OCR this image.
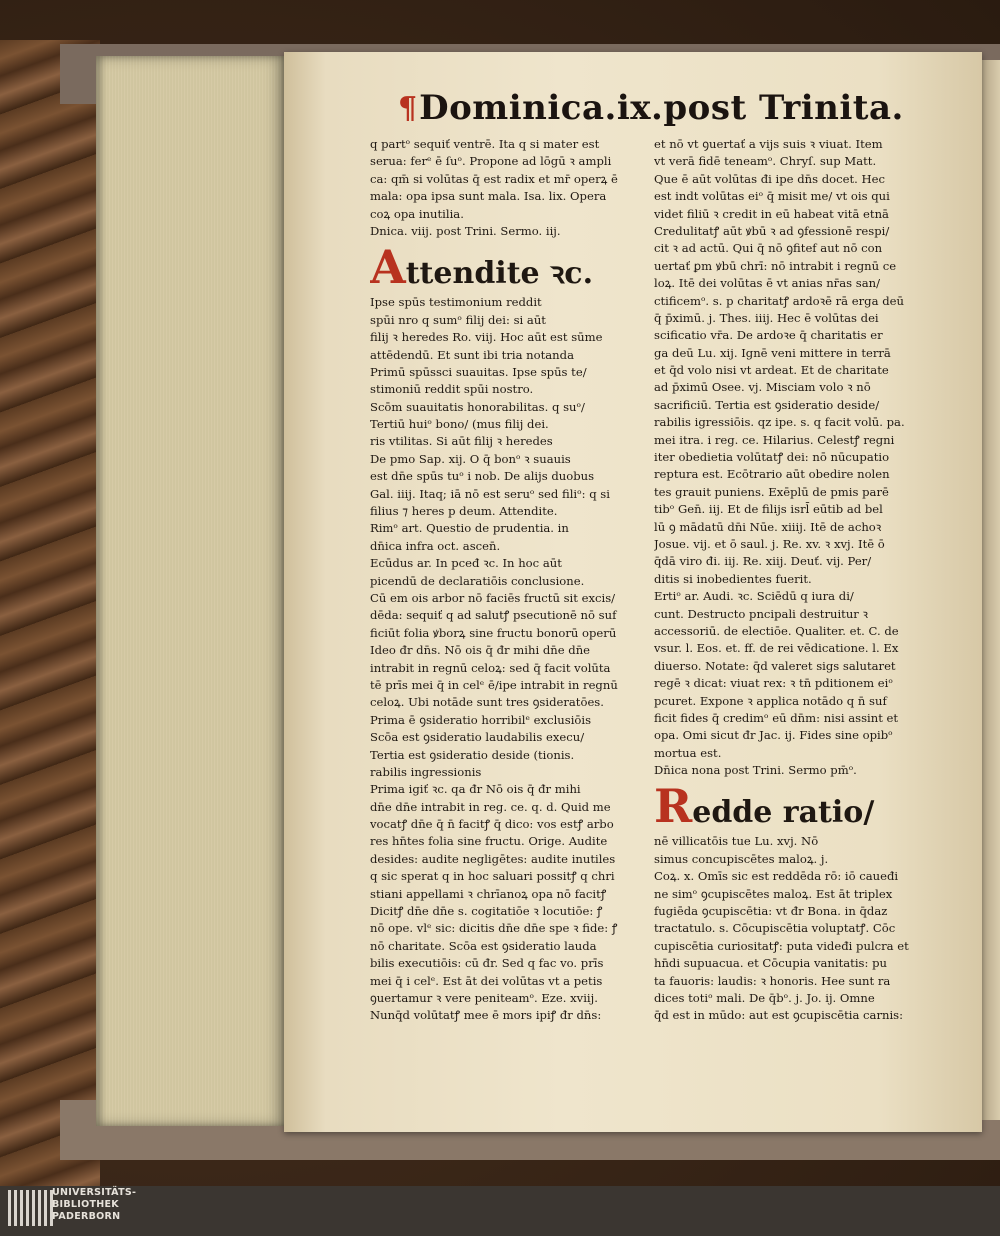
¶ Dominica.ix.post Trinita.
q partᵒ sequiť ventrē. Ita q si mater est
serua: ferᵉ ē ſuᵒ. Propone ad lōgū ꝛ ampli
ca: qm̄ si volūtas q̄ est radix et mr̄ operꝝ ē
mala: opa ipsa sunt mala. Isa. lix. Opera
coꝝ opa inutilia.
Dnica. viij. post Trini. Sermo. iij.
Attendite ꝛc.
Ipse spūs testimonium reddit
spūi nro q sumᵒ filij dei: si aūt
filij ꝛ heredes Ro. viij. Hoc aūt est sūme
attēdendū. Et sunt ibi tria notanda
Primū spūssci suauitas. Ipse spūs te/
stimoniū reddit spūi nostro.
Scōm suauitatis honorabilitas. q suᵒ/
Tertiū huiᵒ bono/ (mus filij dei.
ris vtilitas. Si aūt filij ꝛ heredes
De pmo Sap. xij. O q̄ bonᵒ ꝛ suauis
est dn̄e spūs tuᵒ i nob. De alijs duobus
Gal. iiij. Itaq; iā nō est seruᵒ sed filiᵒ: q si
filius ⁊ heres p deum. Attendite.
Rimᵒ art. Questio de prudentia. in
dn̄ica infra oct. ascen̄.
Ecūdus ar. In pceđ ꝛc. In hoc aūt
picendū de declaratiōis conclusione.
Cū em ois arbor nō faciēs fructū sit excis/
dēda: sequiť q ad salutꝭ psecutionē nō suf
ficiūt folia ꝟborꝝ sine fructu bonorū operū
Ideo đr dn̄s. Nō ois q̄ đr mihi dn̄e dn̄e
intrabit in regnū celoꝝ: sed q̄ facit volūta
tē prīs mei q̄ in celᵉ ē/ipe intrabit in regnū
celoꝝ. Ubi notāde sunt tres ꝯsideratōes.
Prima ē ꝯsideratio horribilᵉ exclusiōis
Scōa est ꝯsideratio laudabilis execu/
Tertia est ꝯsideratio deside (tionis.
rabilis ingressionis
Prima igiť ꝛc. qa đr Nō ois q̄ đr mihi
dn̄e dn̄e intrabit in reg. ce. q. d. Quid me
vocatꝭ dn̄e q̄ n̄ facitꝭ q̄ dico: vos estꝭ arbo
res hn̄tes folia sine fructu. Orige. Audite
desides: audite negligētes: audite inutiles
q sic sperat q in hoc saluari possitꝭ q chri
stiani appellami ꝛ chrīanoꝝ opa nō facitꝭ
Dicitꝭ dn̄e dn̄e s. cogitatiōe ꝛ locutiōe: ꝭ
nō ope. vlᵉ sic: dicitis dn̄e dn̄e spe ꝛ fide: ꝭ
nō charitate. Scōa est ꝯsideratio lauda
bilis executiōis: cū đr. Sed q fac vo. prīs
mei q̄ i celᵉ. Est āt dei volūtas vt a petis
ꝯuertamur ꝛ vere peniteamᵒ. Eze. xviij.
Nunq̄d volūtatꝭ mee ē mors ipiꝭ đr dn̄s:
et nō vt ꝯuertať a vijs suis ꝛ viuat. Item
vt verā fidē teneamᵒ. Chryſ. sup Matt.
Que ē aūt volūtas đi ipe dn̄s docet. Hec
est indt volūtas eiᵒ q̄ misit me/ vt ois qui
videt filiū ꝛ credit in eū habeat vitā etnā
Credulitatꝭ aūt ꝟbū ꝛ ad ꝯfessionē respi/
cit ꝛ ad actū. Qui q̄ nō ꝯfitef aut nō con
uertať ꝑm ꝟbū chrī: nō intrabit i regnū ce
loꝝ. Itē dei volūtas ē vt anias nr̄as san/
ctificemᵒ. s. p charitatꝭ ardoꝛē rā erga deū
q̄ p̄ximū. j. Thes. iiij. Hec ē volūtas dei
scificatio vr̄a. De ardoꝛe q̄ charitatis er
ga deū Lu. xij. Ignē veni mittere in terrā
et q̄d volo nisi vt ardeat. Et de charitate
ad p̄ximū Osee. vj. Misciam volo ꝛ nō
sacrificiū. Tertia est ꝯsideratio deside/
rabilis igressiōis. qz ipe. s. q facit volū. pa.
mei itra. i reg. ce. Hilarius. Celestꝭ regni
iter obedietia volūtatꝭ dei: nō nūcupatio
reptura est. Ecōtrario aūt obedire nolen
tes grauit puniens. Exēplū de pmis parē
tibᵒ Gen̄. iij. Et de filijs isrl̄ eūtib ad bel
lū ꝯ mādatū dn̄i Nūe. xiiij. Itē de achoꝛ
Josue. vij. et ō saul. j. Re. xv. ꝛ xvj. Itē ō
q̄dā viro đi. iij. Re. xiij. Deuť. vij. Per/
ditis si inobedientes fuerit.
Ertiᵒ ar. Audi. ꝛc. Sciēdū q iura di/
cunt. Destructo pncipali destruitur ꝛ
accessoriū. de electiōe. Qualiter. et. C. de
vsur. l. Eos. et. ff. de rei vēdicatione. l. Ex
diuerso. Notate: q̄d valeret sigs salutaret
regē ꝛ dicat: viuat rex: ꝛ tn̄ pditionem eiᵒ
pcuret. Expone ꝛ applica notādo q n̄ suf
ficit fides q̄ credimᵒ eū dn̄m: nisi assint et
opa. Omi sicut đr Jac. ij. Fides sine opibᵒ
mortua est.
Dn̄ica nona post Trini. Sermo pm̄ᵒ.
Redde ratio/
nē villicatōis tue Lu. xvj. Nō
simus concupiscētes maloꝝ. j.
Coꝝ. x. Omīs sic est reddēda rō: iō caueđi
ne simᵒ ꝯcupiscētes maloꝝ. Est āt triplex
fugiēda ꝯcupiscētia: vt đr Bona. in q̄daz
tractatulo. s. Cōcupiscētia voluptatꝭ. Cōc
cupiscētia curiositatꝭ: puta videđi pulcra et
hn̄di supuacua. et Cōcupia vanitatis: pu
ta fauoris: laudis: ꝛ honoris. Hee sunt ra
dices totiᵒ mali. De q̄bᵒ. j. Jo. ij. Omne
q̄d est in mūdo: aut est ꝯcupiscētia carnis:
UNIVERSITÄTS-
BIBLIOTHEK
PADERBORN
